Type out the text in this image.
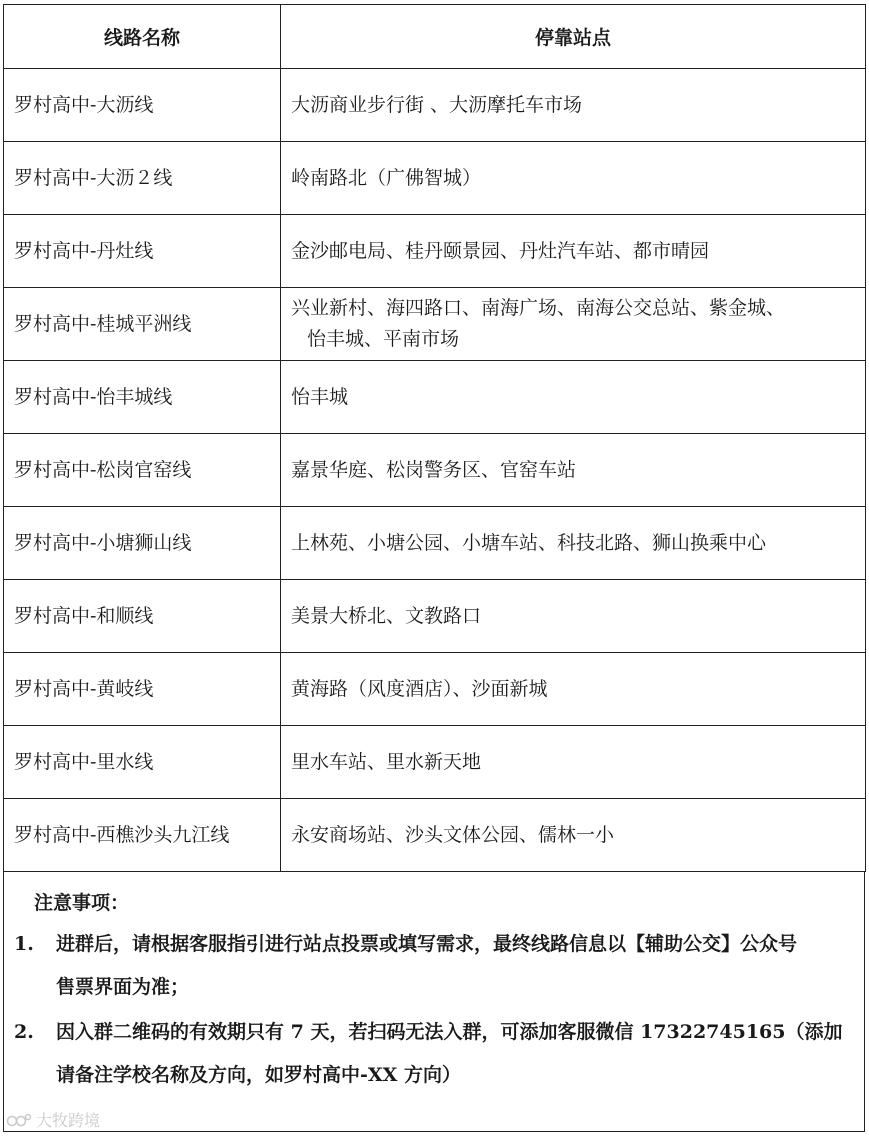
线路名称	停靠站点
罗村高中-大沥线	大沥商业步行街 、大沥摩托车市场
罗村高中-大沥２线	岭南路北（广佛智城）
罗村高中-丹灶线	金沙邮电局、桂丹颐景园、丹灶汽车站、都市晴园
罗村高中-桂城平洲线	兴业新村、海四路口、南海广场、南海公交总站、紫金城、
怡丰城、平南市场

罗村高中-怡丰城线	怡丰城
罗村高中-松岗官窑线	嘉景华庭、松岗警务区、官窑车站
罗村高中-小塘狮山线	上林苑、小塘公园、小塘车站、科技北路、狮山换乘中心
罗村高中-和顺线	美景大桥北、文教路口
罗村高中-黄岐线	黄海路（风度酒店）、沙面新城
罗村高中-里水线	里水车站、里水新天地
罗村高中-西樵沙头九江线	永安商场站、沙头文体公园、儒林一小
注意事项：
1.	进群后，请根据客服指引进行站点投票或填写需求，最终线路信息以【辅助公交】公众号
售票界面为准；
2.	因入群二维码的有效期只有 7 天，若扫码无法入群，可添加客服微信 17322745165（添加
请备注学校名称及方向，如罗村高中-XX 方向）
大牧跨境
